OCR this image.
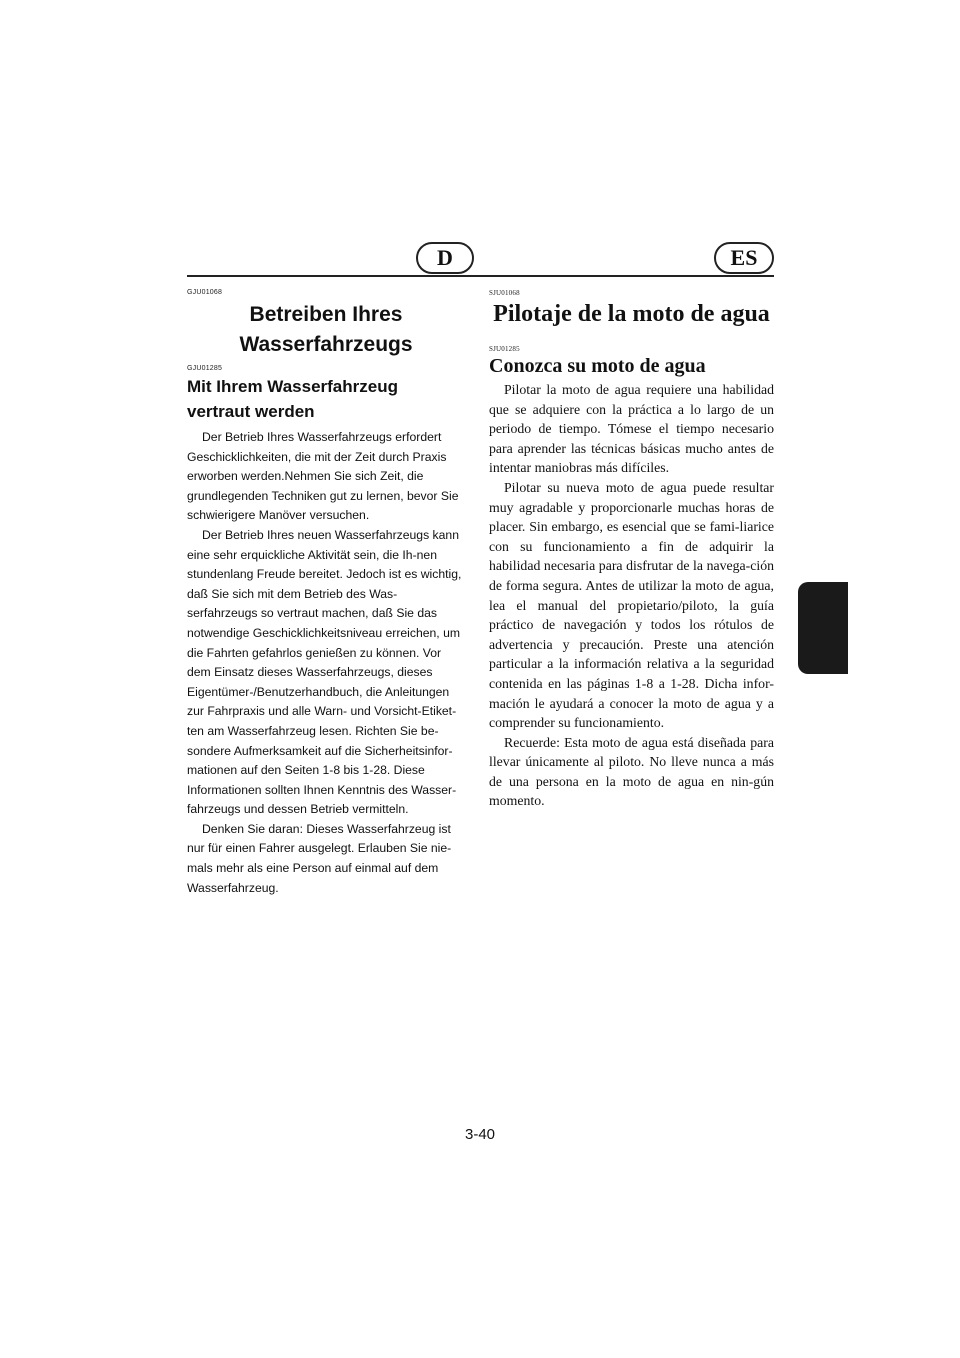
D	ES

GJU01068

Betreiben Ihres
Wasserfahrzeugs

GJU01285

Mit Ihrem Wasserfahrzeug
vertraut werden
Der Betrieb Ihres Wasserfahrzeugs erfordert Geschicklichkeiten, die mit der Zeit durch Praxis erworben werden.Nehmen Sie sich Zeit, die grundlegenden Techniken gut zu lernen, bevor Sie schwierigere Manöver versuchen.
Der Betrieb Ihres neuen Wasserfahrzeugs kann eine sehr erquickliche Aktivität sein, die Ih-nen stundenlang Freude bereitet. Jedoch ist es wichtig, daß Sie sich mit dem Betrieb des Was-serfahrzeugs so vertraut machen, daß Sie das notwendige Geschicklichkeitsniveau erreichen, um die Fahrten gefahrlos genießen zu können. Vor dem Einsatz dieses Wasserfahrzeugs, dieses Eigentümer-/Benutzerhandbuch, die Anleitungen zur Fahrpraxis und alle Warn- und Vorsicht-Etiket-ten am Wasserfahrzeug lesen. Richten Sie be-sondere Aufmerksamkeit auf die Sicherheitsinfor-mationen auf den Seiten 1-8 bis 1-28. Diese Informationen sollten Ihnen Kenntnis des Wasser-fahrzeugs und dessen Betrieb vermitteln.
Denken Sie daran: Dieses Wasserfahrzeug ist nur für einen Fahrer ausgelegt. Erlauben Sie nie-mals mehr als eine Person auf einmal auf dem Wasserfahrzeug.

SJU01068

Pilotaje de la moto de agua

SJU01285

Conozca su moto de agua
Pilotar la moto de agua requiere una habilidad que se adquiere con la práctica a lo largo de un periodo de tiempo. Tómese el tiempo necesario para aprender las técnicas básicas mucho antes de intentar maniobras más difíciles.
Pilotar su nueva moto de agua puede resultar muy agradable y proporcionarle muchas horas de placer. Sin embargo, es esencial que se fami-liarice con su funcionamiento a fin de adquirir la habilidad necesaria para disfrutar de la navega-ción de forma segura. Antes de utilizar la moto de agua, lea el manual del propietario/piloto, la guía práctico de navegación y todos los rótulos de advertencia y precaución. Preste una atención particular a la información relativa a la seguridad contenida en las páginas 1-8 a 1-28. Dicha infor-mación le ayudará a conocer la moto de agua y a comprender su funcionamiento.
Recuerde: Esta moto de agua está diseñada para llevar únicamente al piloto. No lleve nunca a más de una persona en la moto de agua en nin-gún momento.
3-40
